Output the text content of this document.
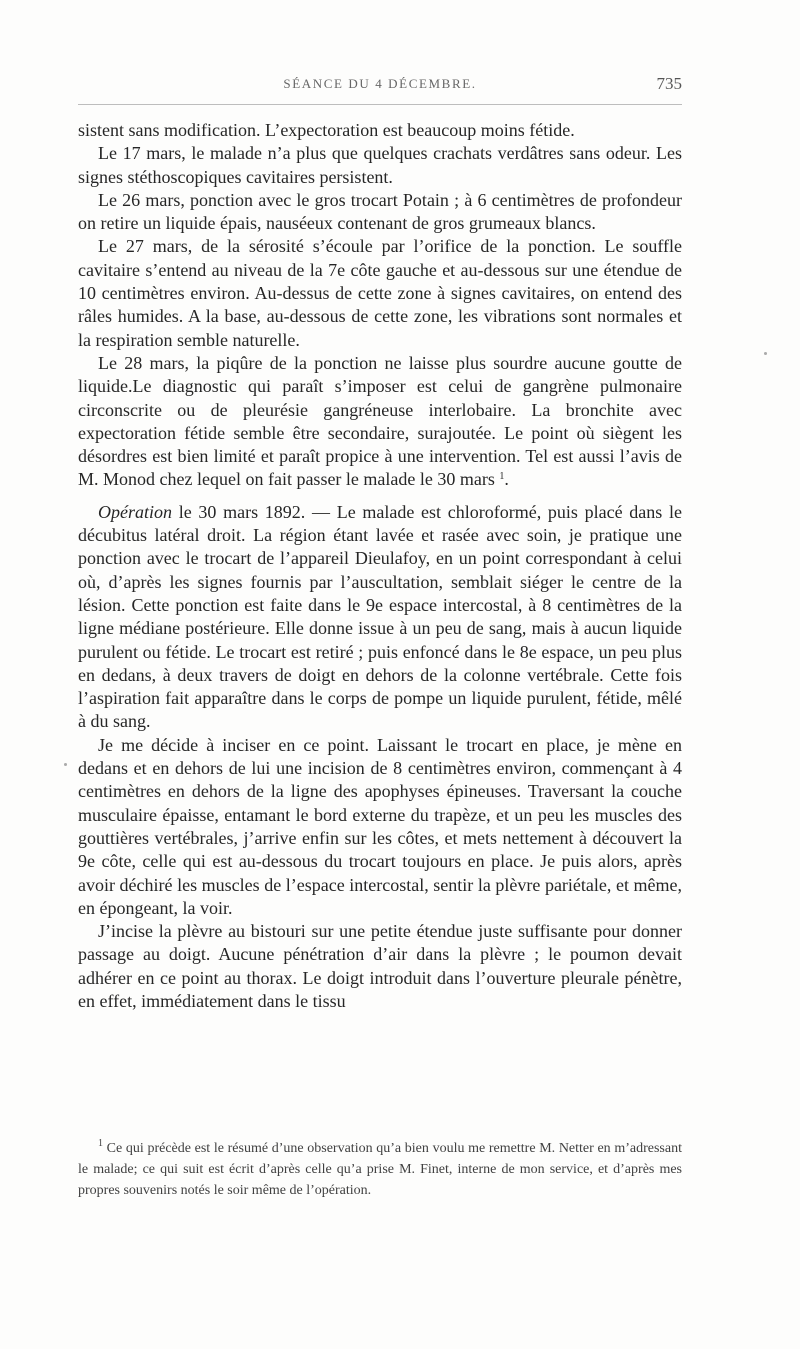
SÉANCE DU 4 DÉCEMBRE.	735

sistent sans modification. L’expectoration est beaucoup moins fétide.

Le 17 mars, le malade n’a plus que quelques crachats verdâtres sans odeur. Les signes stéthoscopiques cavitaires persistent.

Le 26 mars, ponction avec le gros trocart Potain ; à 6 centimètres de profondeur on retire un liquide épais, nauséeux contenant de gros grumeaux blancs.

Le 27 mars, de la sérosité s’écoule par l’orifice de la ponction. Le souffle cavitaire s’entend au niveau de la 7e côte gauche et au-dessous sur une étendue de 10 centimètres environ. Au-dessus de cette zone à signes cavitaires, on entend des râles humides. A la base, au-dessous de cette zone, les vibrations sont normales et la respiration semble naturelle.

Le 28 mars, la piqûre de la ponction ne laisse plus sourdre aucune goutte de liquide.Le diagnostic qui paraît s’imposer est celui de gangrène pulmonaire circonscrite ou de pleurésie gangréneuse interlobaire. La bronchite avec expectoration fétide semble être secondaire, surajoutée. Le point où siègent les désordres est bien limité et paraît propice à une intervention. Tel est aussi l’avis de M. Monod chez lequel on fait passer le malade le 30 mars $^1$.

Opération le 30 mars 1892. — Le malade est chloroformé, puis placé dans le décubitus latéral droit. La région étant lavée et rasée avec soin, je pratique une ponction avec le trocart de l’appareil Dieulafoy, en un point correspondant à celui où, d’après les signes fournis par l’auscultation, semblait siéger le centre de la lésion. Cette ponction est faite dans le 9e espace intercostal, à 8 centimètres de la ligne médiane postérieure. Elle donne issue à un peu de sang, mais à aucun liquide purulent ou fétide. Le trocart est retiré ; puis enfoncé dans le 8e espace, un peu plus en dedans, à deux travers de doigt en dehors de la colonne vertébrale. Cette fois l’aspiration fait apparaître dans le corps de pompe un liquide purulent, fétide, mêlé à du sang.

Je me décide à inciser en ce point. Laissant le trocart en place, je mène en dedans et en dehors de lui une incision de 8 centimètres environ, commençant à 4 centimètres en dehors de la ligne des apophyses épineuses. Traversant la couche musculaire épaisse, entamant le bord externe du trapèze, et un peu les muscles des gouttières vertébrales, j’arrive enfin sur les côtes, et mets nettement à découvert la 9e côte, celle qui est au-dessous du trocart toujours en place. Je puis alors, après avoir déchiré les muscles de l’espace intercostal, sentir la plèvre pariétale, et même, en épongeant, la voir.

J’incise la plèvre au bistouri sur une petite étendue juste suffisante pour donner passage au doigt. Aucune pénétration d’air dans la plèvre ; le poumon devait adhérer en ce point au thorax. Le doigt introduit dans l’ouverture pleurale pénètre, en effet, immédiatement dans le tissu

$^1$ Ce qui précède est le résumé d’une observation qu’a bien voulu me remettre M. Netter en m’adressant le malade; ce qui suit est écrit d’après celle qu’a prise M. Finet, interne de mon service, et d’après mes propres souvenirs notés le soir même de l’opération.
